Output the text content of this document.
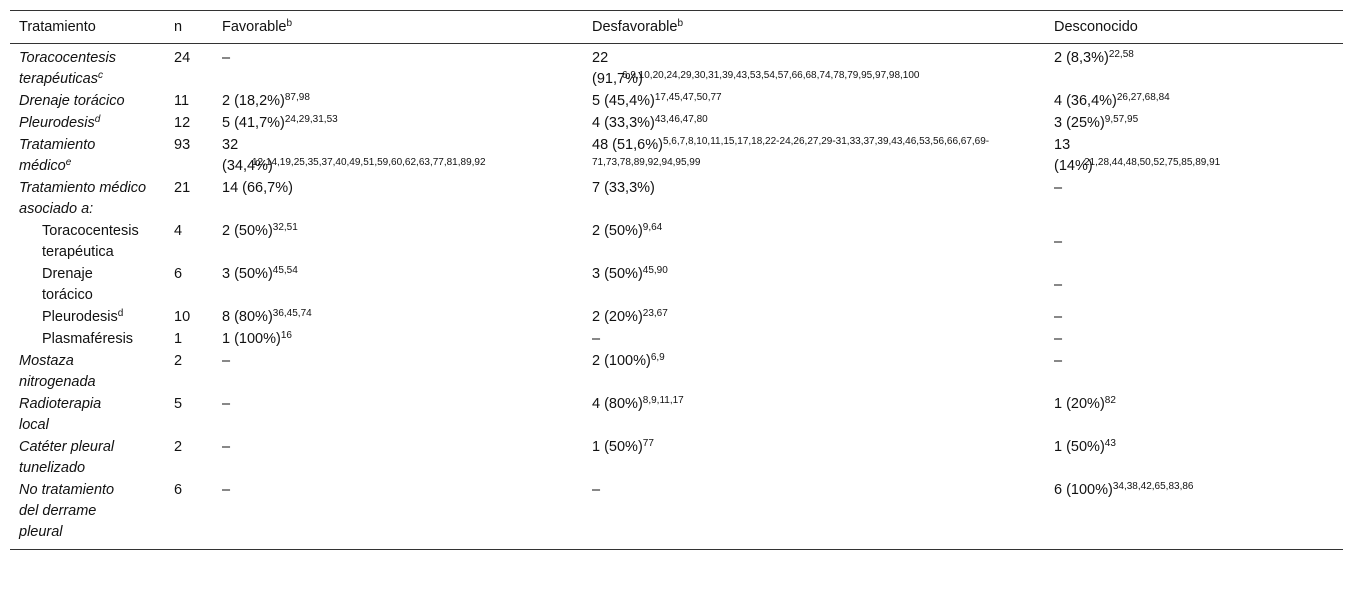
Tratamiento	n	Favorable$^b$	Desfavorable$^b$	Desconocido
Toracocentesis terapéuticas$^c$	24	–	22 $(91,7\%)^{6,9,10,20,24,29,30,31,39,43,53,54,57,66,68,74,78,79,95,97,98,100}$	2 $(8,3\%)^{22,58}$
Drenaje torácico	11	2 $(18,2\%)^{87,98}$	5 $(45,4\%)^{17,45,47,50,77}$	4 $(36,4\%)^{26,27,68,84}$
Pleurodesis$^d$	12	5 $(41,7\%)^{24,29,31,53}$	4 $(33,3\%)^{43,46,47,80}$	3 $(25\%)^{9,57,95}$
Tratamiento médico$^e$	93	32 $(34,4\%)^{12,14,19,25,35,37,40,49,51,59,60,62,63,77,81,89,92}$	48 $(51,6\%)^{5,6,7,8,10,11,15,17,18,22-24,26,27,29-31,33,37,39,43,46,53,56,66,67,69-71,73,78,89,92,94,95,99}$	13 $(14\%)^{21,28,44,48,50,52,75,85,89,91}$
Tratamiento médico asociado a:	21	14 (66,7%)	7 (33,3%)	–
Toracocentesis terapéutica	4	2 $(50\%)^{32,51}$	2 $(50\%)^{9,64}$	–
Drenaje torácico	6	3 $(50\%)^{45,54}$	3 $(50\%)^{45,90}$	–
Pleurodesis$^d$	10	8 $(80\%)^{36,45,74}$	2 $(20\%)^{23,67}$	–
Plasmaféresis	1	1 $(100\%)^{16}$	–	–
Mostaza nitrogenada	2	–	2 $(100\%)^{6,9}$	–
Radioterapia local	5	–	4 $(80\%)^{8,9,11,17}$	1 $(20\%)^{82}$
Catéter pleural tunelizado	2	–	1 $(50\%)^{77}$	1 $(50\%)^{43}$
No tratamiento del derrame pleural	6	–	–	6 $(100\%)^{34,38,42,65,83,86}$
